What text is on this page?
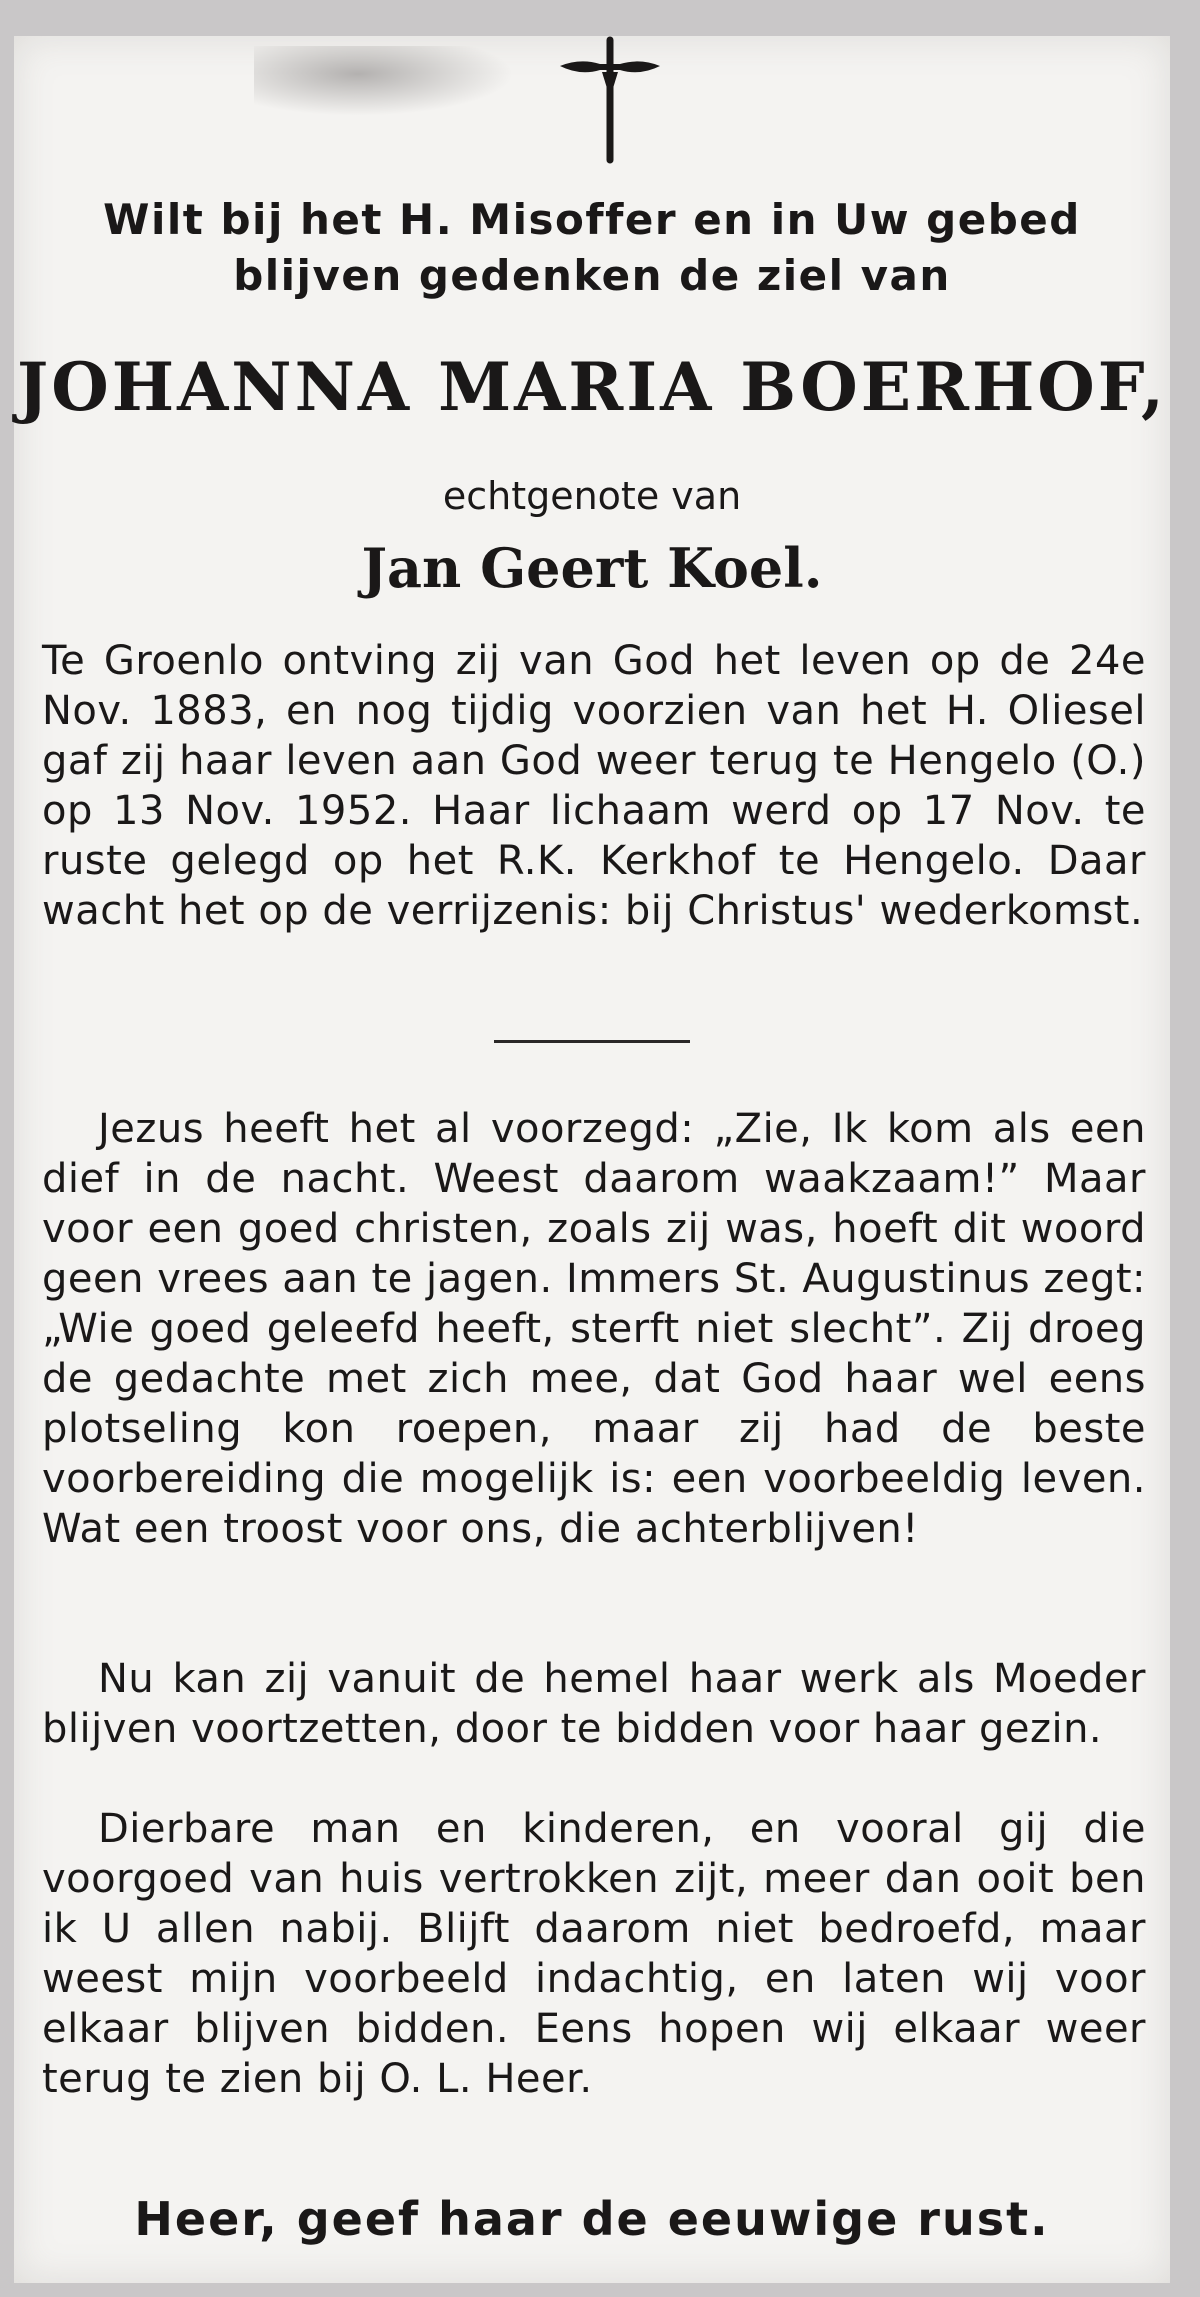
Wilt bij het H. Misoffer en in Uw gebed
blijven gedenken de ziel van
JOHANNA MARIA BOERHOF,
echtgenote van
Jan Geert Koel.
Te Groenlo ontving zij van God het leven op de 24e Nov. 1883, en nog tijdig voorzien van het H. Oliesel gaf zij haar leven aan God weer terug te Hengelo (O.) op 13 Nov. 1952. Haar lichaam werd op 17 Nov. te ruste gelegd op het R.K. Kerkhof te Hengelo. Daar wacht het op de verrijzenis: bij Christus' wederkomst.
Jezus heeft het al voorzegd: „Zie, Ik kom als een dief in de nacht. Weest daarom waakzaam!” Maar voor een goed christen, zoals zij was, hoeft dit woord geen vrees aan te jagen. Immers St. Augustinus zegt: „Wie goed geleefd heeft, sterft niet slecht”. Zij droeg de gedachte met zich mee, dat God haar wel eens plotseling kon roepen, maar zij had de beste voorbereiding die mogelijk is: een voorbeeldig leven. Wat een troost voor ons, die achterblijven!
Nu kan zij vanuit de hemel haar werk als Moeder blijven voortzetten, door te bidden voor haar gezin.
Dierbare man en kinderen, en vooral gij die voorgoed van huis vertrokken zijt, meer dan ooit ben ik U allen nabij. Blijft daarom niet bedroefd, maar weest mijn voorbeeld indachtig, en laten wij voor elkaar blijven bidden. Eens hopen wij elkaar weer terug te zien bij O. L. Heer.
Heer, geef haar de eeuwige rust.
